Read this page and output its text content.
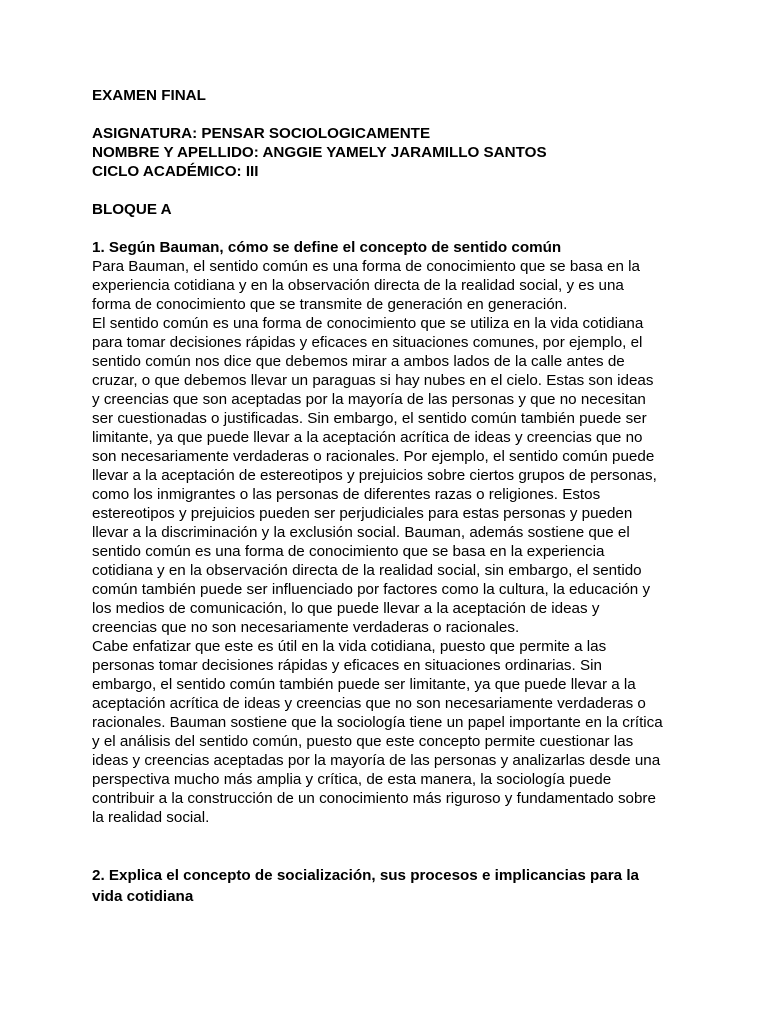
EXAMEN FINAL
ASIGNATURA: PENSAR SOCIOLOGICAMENTE
NOMBRE Y APELLIDO: ANGGIE YAMELY JARAMILLO SANTOS
CICLO ACADÉMICO: III
BLOQUE A
1. Según Bauman, cómo se define el concepto de sentido común
Para Bauman, el sentido común es una forma de conocimiento que se basa en la
experiencia cotidiana y en la observación directa de la realidad social, y es una
forma de conocimiento que se transmite de generación en generación.
El sentido común es una forma de conocimiento que se utiliza en la vida cotidiana
para tomar decisiones rápidas y eficaces en situaciones comunes, por ejemplo, el
sentido común nos dice que debemos mirar a ambos lados de la calle antes de
cruzar, o que debemos llevar un paraguas si hay nubes en el cielo. Estas son ideas
y creencias que son aceptadas por la mayoría de las personas y que no necesitan
ser cuestionadas o justificadas. Sin embargo, el sentido común también puede ser
limitante, ya que puede llevar a la aceptación acrítica de ideas y creencias que no
son necesariamente verdaderas o racionales. Por ejemplo, el sentido común puede
llevar a la aceptación de estereotipos y prejuicios sobre ciertos grupos de personas,
como los inmigrantes o las personas de diferentes razas o religiones. Estos
estereotipos y prejuicios pueden ser perjudiciales para estas personas y pueden
llevar a la discriminación y la exclusión social. Bauman, además sostiene que el
sentido común es una forma de conocimiento que se basa en la experiencia
cotidiana y en la observación directa de la realidad social, sin embargo, el sentido
común también puede ser influenciado por factores como la cultura, la educación y
los medios de comunicación, lo que puede llevar a la aceptación de ideas y
creencias que no son necesariamente verdaderas o racionales.
Cabe enfatizar que este es útil en la vida cotidiana, puesto que permite a las
personas tomar decisiones rápidas y eficaces en situaciones ordinarias. Sin
embargo, el sentido común también puede ser limitante, ya que puede llevar a la
aceptación acrítica de ideas y creencias que no son necesariamente verdaderas o
racionales. Bauman sostiene que la sociología tiene un papel importante en la crítica
y el análisis del sentido común, puesto que este concepto permite cuestionar las
ideas y creencias aceptadas por la mayoría de las personas y analizarlas desde una
perspectiva mucho más amplia y crítica, de esta manera, la sociología puede
contribuir a la construcción de un conocimiento más riguroso y fundamentado sobre
la realidad social.
2. Explica el concepto de socialización, sus procesos e implicancias para la
vida cotidiana
